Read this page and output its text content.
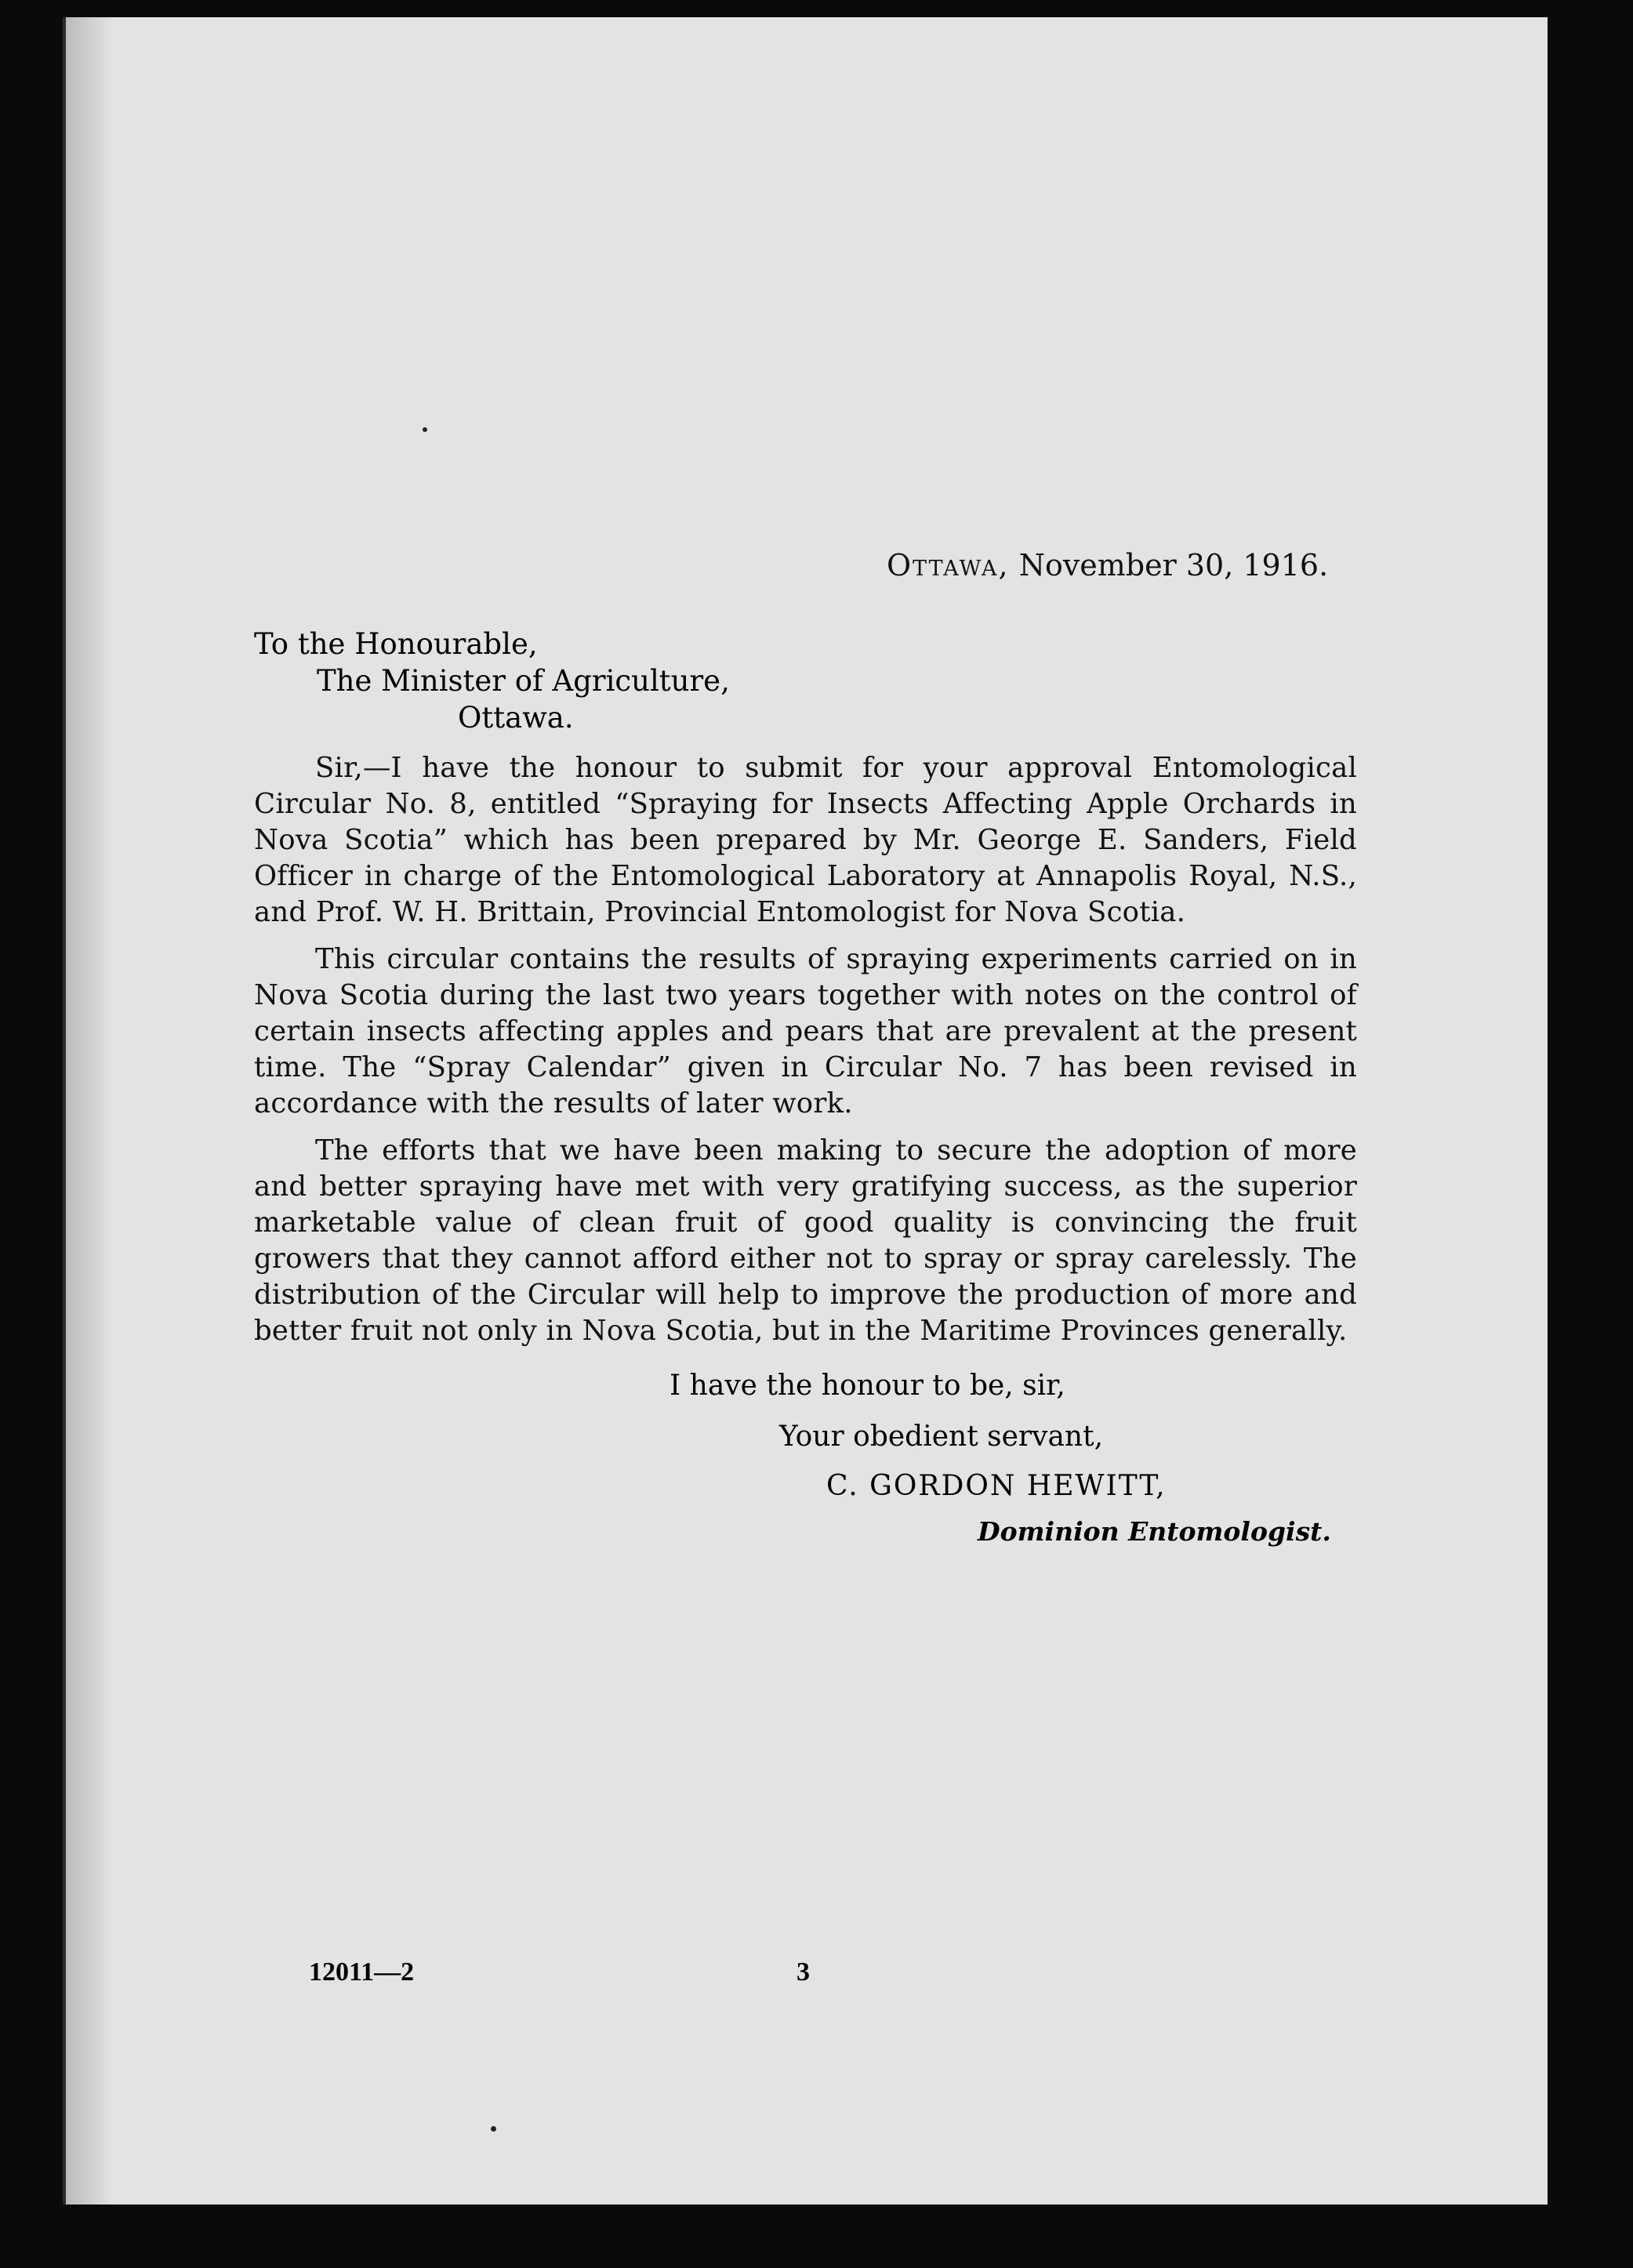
Ottawa, November 30, 1916.
To the Honourable,
The Minister of Agriculture,
Ottawa.

Sir,—I have the honour to submit for your approval Entomological Circular No. 8, entitled “Spraying for Insects Affecting Apple Orchards in Nova Scotia” which has been prepared by Mr. George E. Sanders, Field Officer in charge of the Entomological Laboratory at Annapolis Royal, N.S., and Prof. W. H. Brittain, Provincial Entomologist for Nova Scotia.

This circular contains the results of spraying experiments carried on in Nova Scotia during the last two years together with notes on the control of certain insects affecting apples and pears that are prevalent at the present time. The “Spray Calendar” given in Circular No. 7 has been revised in accordance with the results of later work.

The efforts that we have been making to secure the adoption of more and better spraying have met with very gratifying success, as the superior marketable value of clean fruit of good quality is convincing the fruit growers that they cannot afford either not to spray or spray carelessly. The distribution of the Circular will help to improve the production of more and better fruit not only in Nova Scotia, but in the Maritime Provinces generally.

I have the honour to be, sir,
Your obedient servant,
C. GORDON HEWITT,
Dominion Entomologist.
12011—2	3
